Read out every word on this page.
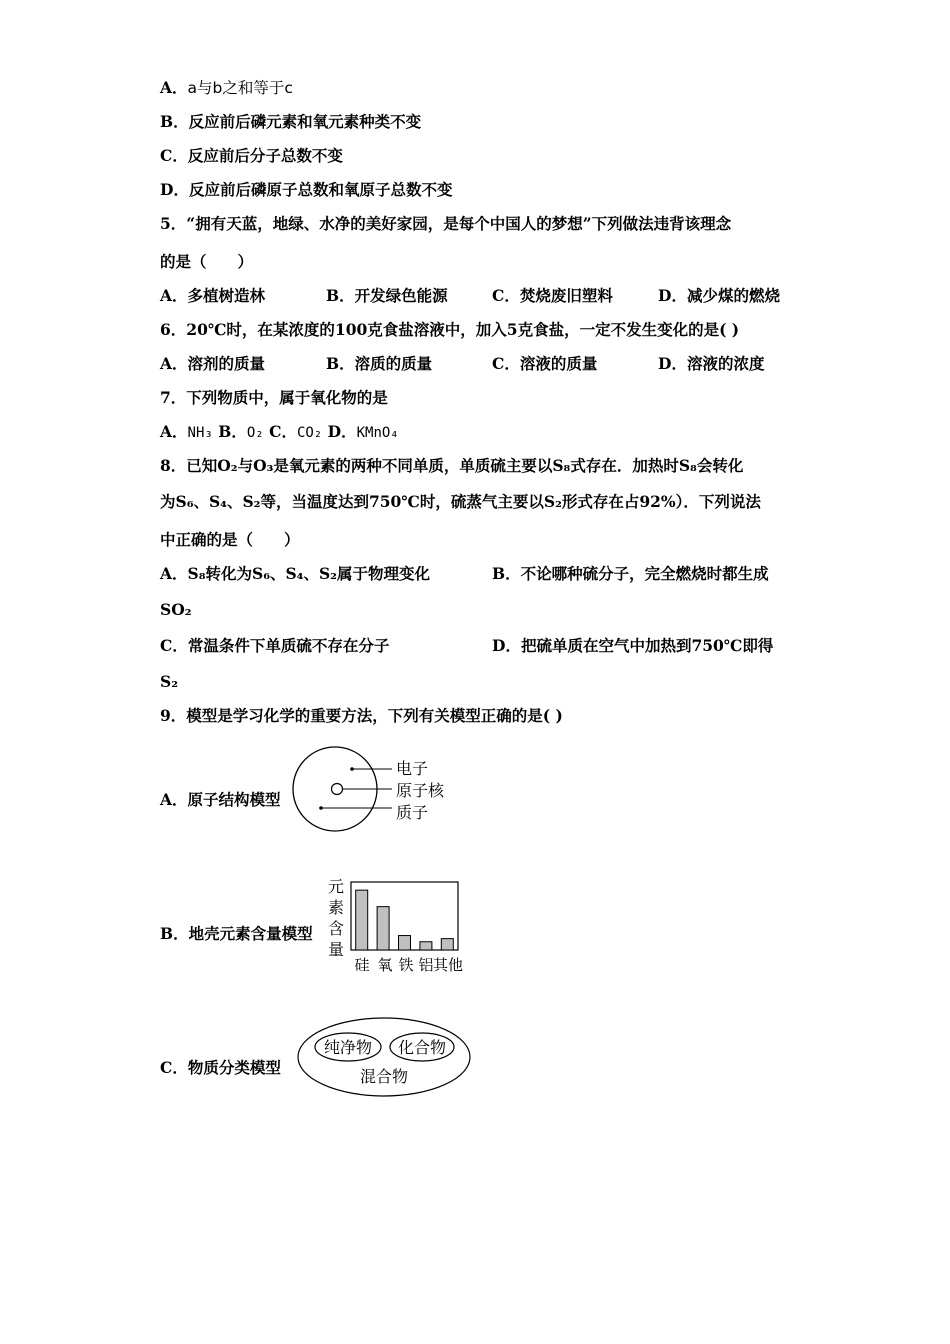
A．a与b之和等于c
B．反应前后磷元素和氧元素种类不变
C．反应前后分子总数不变
D．反应前后磷原子总数和氧原子总数不变
5．“拥有天蓝，地绿、水净的美好家园，是每个中国人的梦想”下列做法违背该理念
的是（　　）
A．多植树造林	B．开发绿色能源	C．焚烧废旧塑料	D．减少煤的燃烧
6．20℃时，在某浓度的100克食盐溶液中，加入5克食盐，一定不发生变化的是( )
A．溶剂的质量	B．溶质的质量	C．溶液的质量	D．溶液的浓度
7．下列物质中，属于氧化物的是
A．NH₃ B．O₂ C．CO₂ D．KMnO₄
8．已知O₂与O₃是氧元素的两种不同单质，单质硫主要以S₈式存在．加热时S₈会转化
为S₆、S₄、S₂等，当温度达到750℃时，硫蒸气主要以S₂形式存在占92%）．下列说法
中正确的是（　　）
A．S₈转化为S₆、S₄、S₂属于物理变化	B．不论哪种硫分子，完全燃烧时都生成
SO₂
C．常温条件下单质硫不存在分子	D．把硫单质在空气中加热到750℃即得
S₂
9．模型是学习化学的重要方法，下列有关模型正确的是( )
A．原子结构模型
电子
原子核
质子
B．地壳元素含量模型
元
素
含
量
硅 氧 铁 铝 其他
C．物质分类模型
纯净物 化合物
混合物
